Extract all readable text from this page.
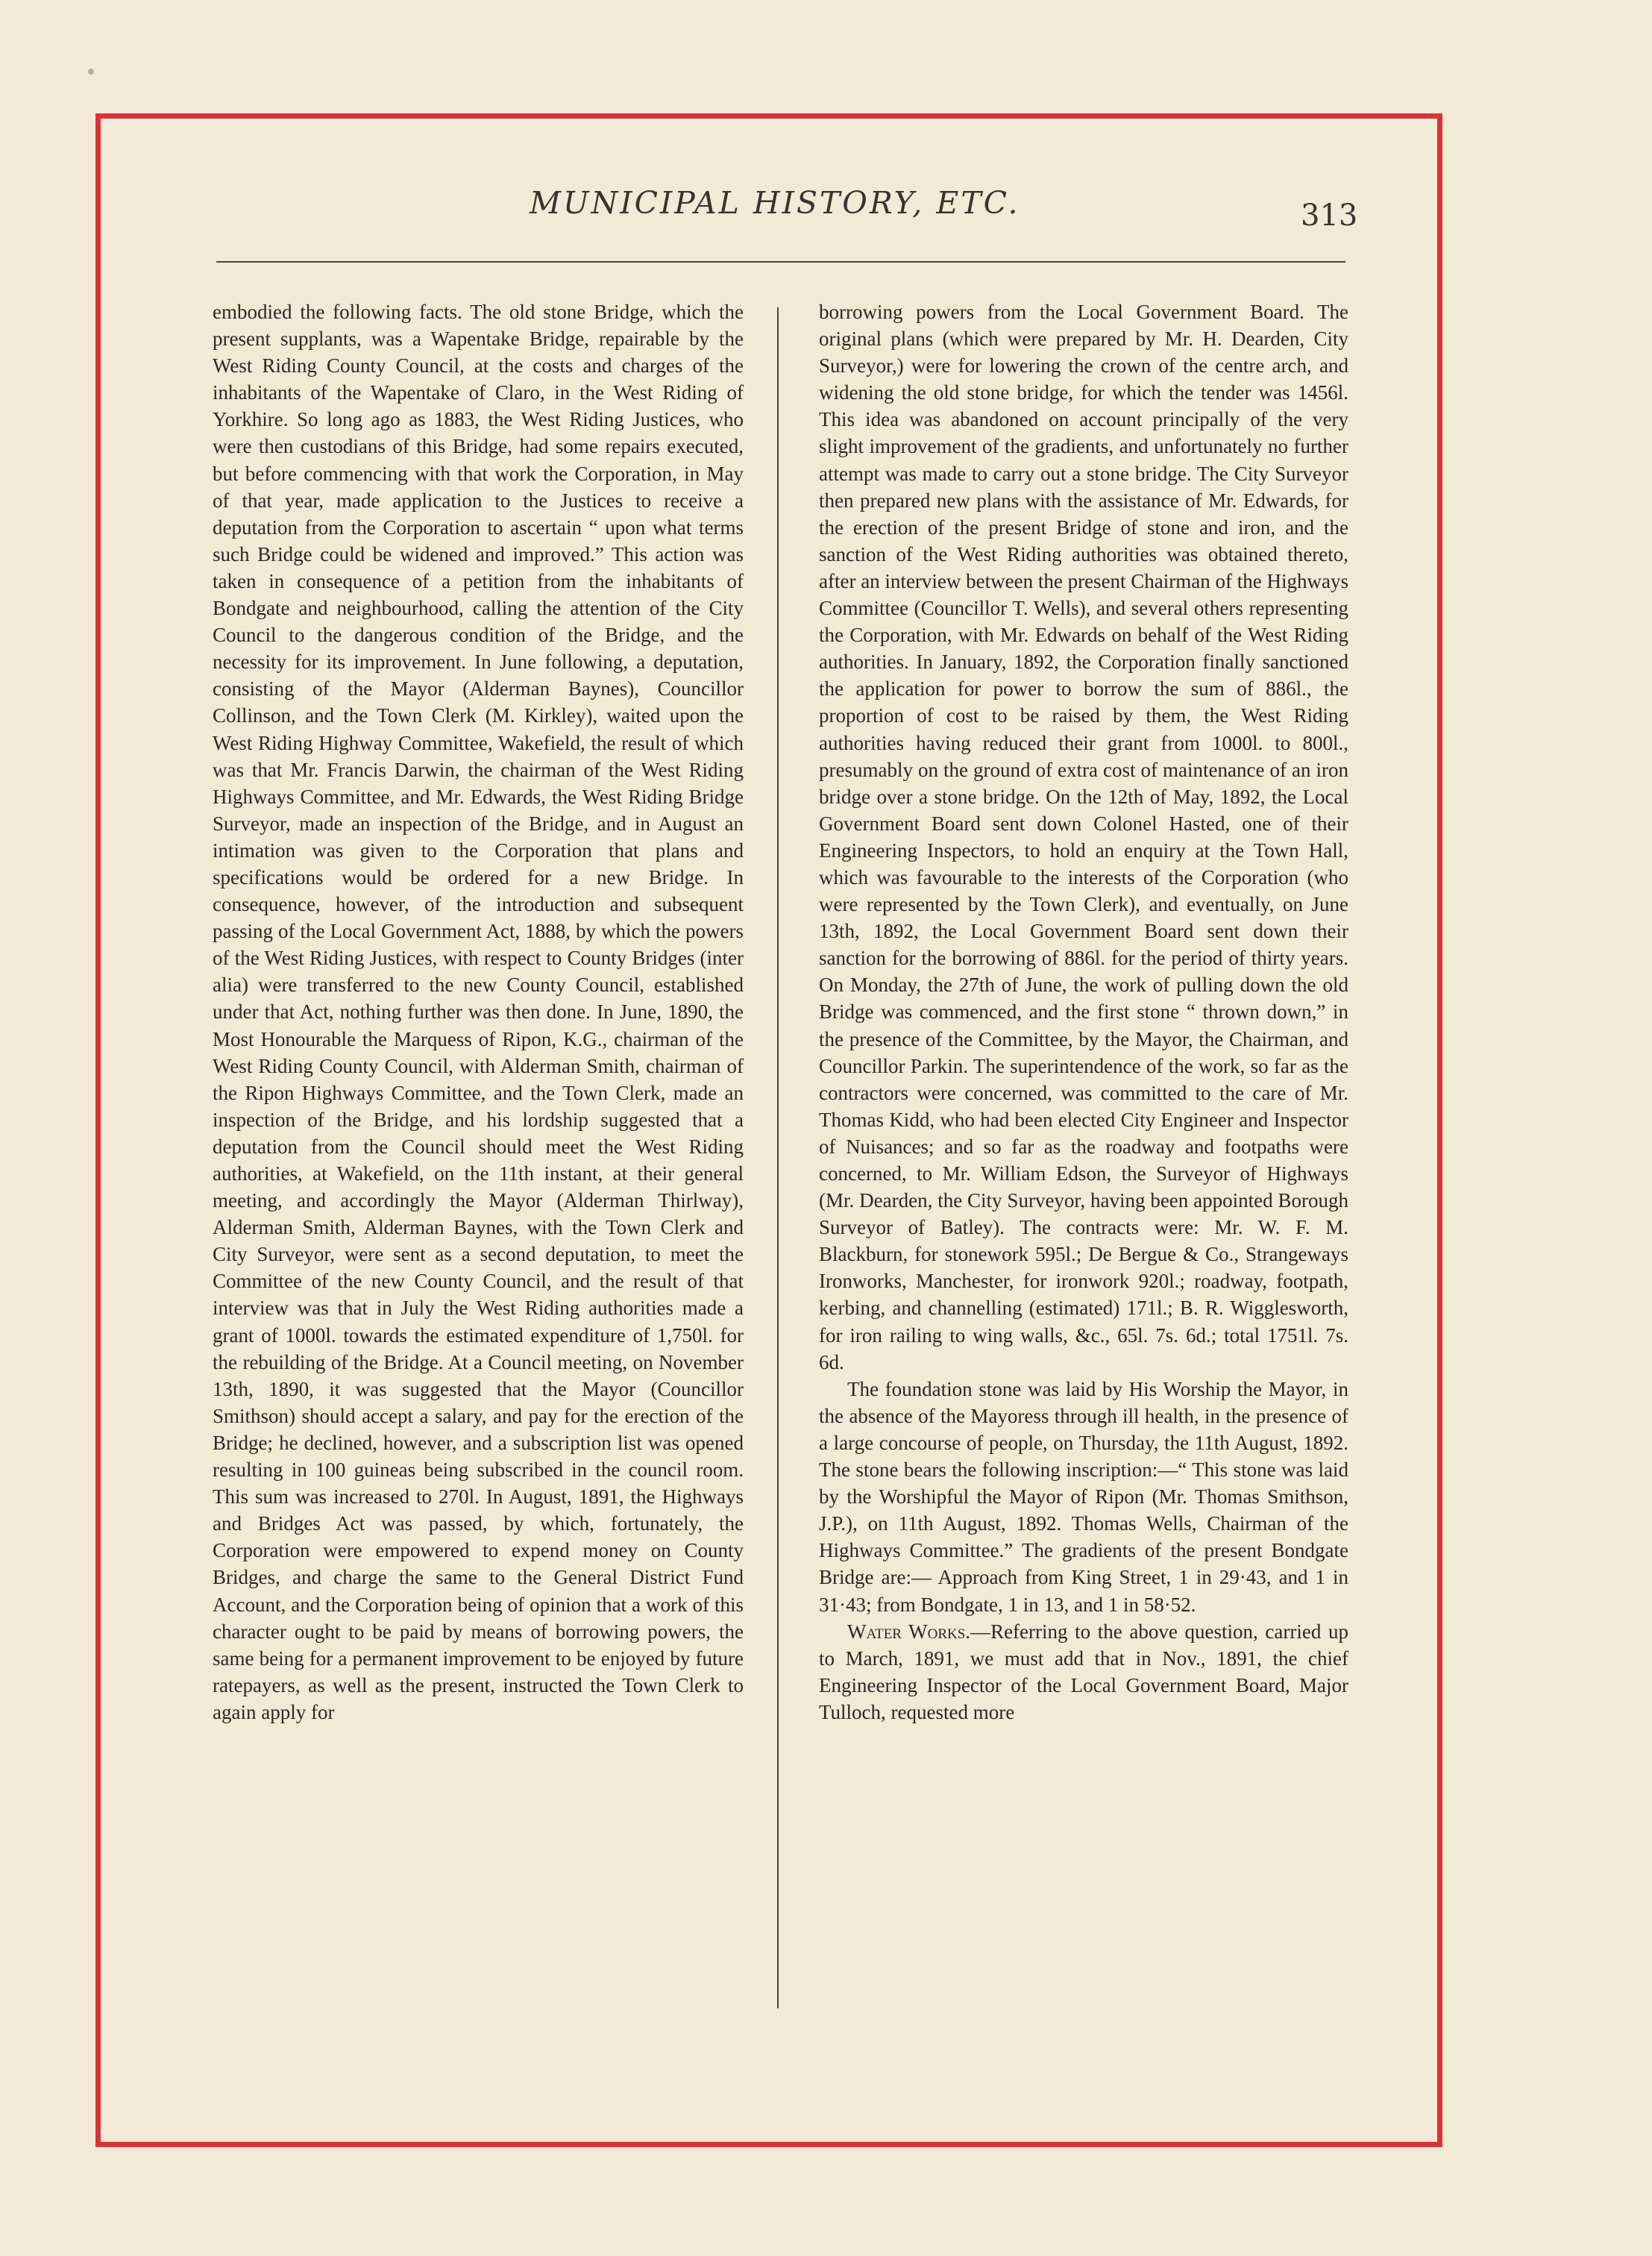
MUNICIPAL HISTORY, ETC.	313

embodied the following facts. The old stone Bridge, which the present supplants, was a Wapentake Bridge, repairable by the West Riding County Council, at the costs and charges of the inhabitants of the Wapentake of Claro, in the West Riding of Yorkhire. So long ago as 1883, the West Riding Justices, who were then custodians of this Bridge, had some repairs executed, but before commencing with that work the Corporation, in May of that year, made application to the Justices to receive a deputation from the Corporation to ascertain “ upon what terms such Bridge could be widened and improved.” This action was taken in consequence of a petition from the inhabitants of Bondgate and neighbourhood, calling the attention of the City Council to the dangerous condition of the Bridge, and the necessity for its improvement. In June following, a deputation, consisting of the Mayor (Alderman Baynes), Councillor Collinson, and the Town Clerk (M. Kirkley), waited upon the West Riding Highway Committee, Wakefield, the result of which was that Mr. Francis Darwin, the chairman of the West Riding Highways Committee, and Mr. Edwards, the West Riding Bridge Surveyor, made an inspection of the Bridge, and in August an intimation was given to the Corporation that plans and specifications would be ordered for a new Bridge. In consequence, however, of the introduction and subsequent passing of the Local Government Act, 1888, by which the powers of the West Riding Justices, with respect to County Bridges (inter alia) were transferred to the new County Council, established under that Act, nothing further was then done. In June, 1890, the Most Honourable the Marquess of Ripon, K.G., chairman of the West Riding County Council, with Alderman Smith, chairman of the Ripon Highways Committee, and the Town Clerk, made an inspection of the Bridge, and his lordship suggested that a deputation from the Council should meet the West Riding authorities, at Wakefield, on the 11th instant, at their general meeting, and accordingly the Mayor (Alderman Thirlway), Alderman Smith, Alderman Baynes, with the Town Clerk and City Surveyor, were sent as a second deputation, to meet the Committee of the new County Council, and the result of that interview was that in July the West Riding authorities made a grant of 1000l. towards the estimated expenditure of 1,750l. for the rebuilding of the Bridge. At a Council meeting, on November 13th, 1890, it was suggested that the Mayor (Councillor Smithson) should accept a salary, and pay for the erection of the Bridge; he declined, however, and a subscription list was opened resulting in 100 guineas being subscribed in the council room. This sum was increased to 270l. In August, 1891, the Highways and Bridges Act was passed, by which, fortunately, the Corporation were empowered to expend money on County Bridges, and charge the same to the General District Fund Account, and the Corporation being of opinion that a work of this character ought to be paid by means of borrowing powers, the same being for a permanent improvement to be enjoyed by future ratepayers, as well as the present, instructed the Town Clerk to again apply for

borrowing powers from the Local Government Board. The original plans (which were prepared by Mr. H. Dearden, City Surveyor,) were for lowering the crown of the centre arch, and widening the old stone bridge, for which the tender was 1456l. This idea was abandoned on account principally of the very slight improvement of the gradients, and unfortunately no further attempt was made to carry out a stone bridge. The City Surveyor then prepared new plans with the assistance of Mr. Edwards, for the erection of the present Bridge of stone and iron, and the sanction of the West Riding authorities was obtained thereto, after an interview between the present Chairman of the Highways Committee (Councillor T. Wells), and several others representing the Corporation, with Mr. Edwards on behalf of the West Riding authorities. In January, 1892, the Corporation finally sanctioned the application for power to borrow the sum of 886l., the proportion of cost to be raised by them, the West Riding authorities having reduced their grant from 1000l. to 800l., presumably on the ground of extra cost of maintenance of an iron bridge over a stone bridge. On the 12th of May, 1892, the Local Government Board sent down Colonel Hasted, one of their Engineering Inspectors, to hold an enquiry at the Town Hall, which was favourable to the interests of the Corporation (who were represented by the Town Clerk), and eventually, on June 13th, 1892, the Local Government Board sent down their sanction for the borrowing of 886l. for the period of thirty years. On Monday, the 27th of June, the work of pulling down the old Bridge was commenced, and the first stone “ thrown down,” in the presence of the Committee, by the Mayor, the Chairman, and Councillor Parkin. The superintendence of the work, so far as the contractors were concerned, was committed to the care of Mr. Thomas Kidd, who had been elected City Engineer and Inspector of Nuisances; and so far as the roadway and footpaths were concerned, to Mr. William Edson, the Surveyor of Highways (Mr. Dearden, the City Surveyor, having been appointed Borough Surveyor of Batley). The contracts were: Mr. W. F. M. Blackburn, for stonework 595l.; De Bergue & Co., Strangeways Ironworks, Manchester, for ironwork 920l.; roadway, footpath, kerbing, and channelling (estimated) 171l.; B. R. Wigglesworth, for iron railing to wing walls, &c., 65l. 7s. 6d.; total 1751l. 7s. 6d.

The foundation stone was laid by His Worship the Mayor, in the absence of the Mayoress through ill health, in the presence of a large concourse of people, on Thursday, the 11th August, 1892. The stone bears the following inscription:—“ This stone was laid by the Worshipful the Mayor of Ripon (Mr. Thomas Smithson, J.P.), on 11th August, 1892. Thomas Wells, Chairman of the Highways Committee.” The gradients of the present Bondgate Bridge are:— Approach from King Street, 1 in 29·43, and 1 in 31·43; from Bondgate, 1 in 13, and 1 in 58·52.

Water Works.—Referring to the above question, carried up to March, 1891, we must add that in Nov., 1891, the chief Engineering Inspector of the Local Government Board, Major Tulloch, requested more
